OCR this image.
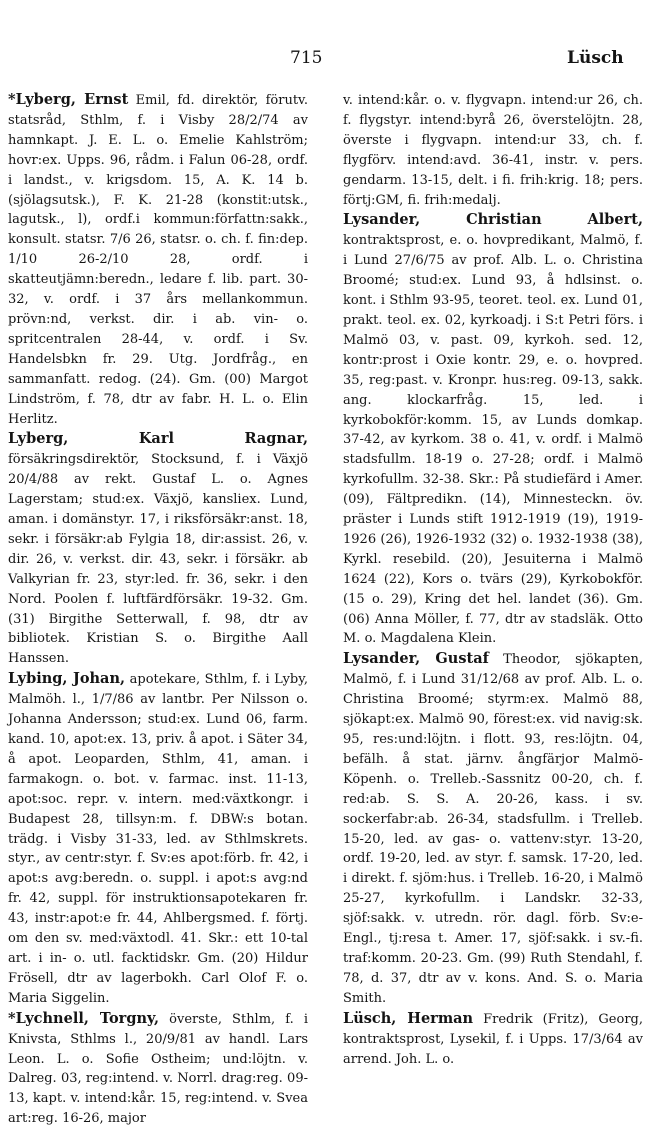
715	Lüsch

*Lyberg, Ernst Emil, fd. direktör, förutv. statsråd, Sthlm, f. i Visby 28/2/74 av hamnkapt. J. E. L. o. Emelie Kahlström; hovr:ex. Upps. 96, rådm. i Falun 06-28, ordf. i landst., v. krigsdom. 15, A. K. 14 b. (sjölagsutsk.), F. K. 21-28 (konstit:utsk., lagutsk., l), ordf.i kommun:författn:sakk., konsult. statsr. 7/6 26, statsr. o. ch. f. fin:dep. 1/10 26-2/10 28, ordf. i skatteutjämn:beredn., ledare f. lib. part. 30-32, v. ordf. i 37 års mellankommun. prövn:nd, verkst. dir. i ab. vin- o. spritcentralen 28-44, v. ordf. i Sv. Handelsbkn fr. 29. Utg. Jordfråg., en sammanfatt. redog. (24). Gm. (00) Margot Lindström, f. 78, dtr av fabr. H. L. o. Elin Herlitz.

Lyberg, Karl Ragnar, försäkringsdirektör, Stocksund, f. i Växjö 20/4/88 av rekt. Gustaf L. o. Agnes Lagerstam; stud:ex. Växjö, kansliex. Lund, aman. i domänstyr. 17, i riksförsäkr:anst. 18, sekr. i försäkr:ab Fylgia 18, dir:assist. 26, v. dir. 26, v. verkst. dir. 43, sekr. i försäkr. ab Valkyrian fr. 23, styr:led. fr. 36, sekr. i den Nord. Poolen f. luftfärdförsäkr. 19-32. Gm. (31) Birgithe Setterwall, f. 98, dtr av bibliotek. Kristian S. o. Birgithe Aall Hanssen.

Lybing, Johan, apotekare, Sthlm, f. i Lyby, Malmöh. l., 1/7/86 av lantbr. Per Nilsson o. Johanna Andersson; stud:ex. Lund 06, farm. kand. 10, apot:ex. 13, priv. å apot. i Säter 34, å apot. Leoparden, Sthlm, 41, aman. i farmakogn. o. bot. v. farmac. inst. 11-13, apot:soc. repr. v. intern. med:växtkongr. i Budapest 28, tillsyn:m. f. DBW:s botan. trädg. i Visby 31-33, led. av Sthlmskrets. styr., av centr:styr. f. Sv:es apot:förb. fr. 42, i apot:s avg:beredn. o. suppl. i apot:s avg:nd fr. 42, suppl. för instruktionsapotekaren fr. 43, instr:apot:e fr. 44, Ahlbergsmed. f. förtj. om den sv. med:växtodl. 41. Skr.: ett 10-tal art. i in- o. utl. facktidskr. Gm. (20) Hildur Frösell, dtr av lagerbokh. Carl Olof F. o. Maria Siggelin.

*Lychnell, Torgny, överste, Sthlm, f. i Knivsta, Sthlms l., 20/9/81 av handl. Lars Leon. L. o. Sofie Ostheim; und:löjtn. v. Dalreg. 03, reg:intend. v. Norrl. drag:reg. 09-13, kapt. v. intend:kår. 15, reg:intend. v. Svea art:reg. 16-26, major

v. intend:kår. o. v. flygvapn. intend:ur 26, ch. f. flygstyr. intend:byrå 26, överstelöjtn. 28, överste i flygvapn. intend:ur 33, ch. f. flygförv. intend:avd. 36-41, instr. v. pers. gendarm. 13-15, delt. i fi. frih:krig. 18; pers. förtj:GM, fi. frih:medalj.

Lysander, Christian Albert, kontraktsprost, e. o. hovpredikant, Malmö, f. i Lund 27/6/75 av prof. Alb. L. o. Christina Broomé; stud:ex. Lund 93, å hdlsinst. o. kont. i Sthlm 93-95, teoret. teol. ex. Lund 01, prakt. teol. ex. 02, kyrkoadj. i S:t Petri förs. i Malmö 03, v. past. 09, kyrkoh. sed. 12, kontr:prost i Oxie kontr. 29, e. o. hovpred. 35, reg:past. v. Kronpr. hus:reg. 09-13, sakk. ang. klockarfråg. 15, led. i kyrkobokför:komm. 15, av Lunds domkap. 37-42, av kyrkom. 38 o. 41, v. ordf. i Malmö stadsfullm. 18-19 o. 27-28; ordf. i Malmö kyrkofullm. 32-38. Skr.: På studiefärd i Amer. (09), Fältpredikn. (14), Minnesteckn. öv. präster i Lunds stift 1912-1919 (19), 1919-1926 (26), 1926-1932 (32) o. 1932-1938 (38), Kyrkl. resebild. (20), Jesuiterna i Malmö 1624 (22), Kors o. tvärs (29), Kyrkobokför. (15 o. 29), Kring det hel. landet (36). Gm. (06) Anna Möller, f. 77, dtr av stadsläk. Otto M. o. Magdalena Klein.

Lysander, Gustaf Theodor, sjökapten, Malmö, f. i Lund 31/12/68 av prof. Alb. L. o. Christina Broomé; styrm:ex. Malmö 88, sjökapt:ex. Malmö 90, förest:ex. vid navig:sk. 95, res:und:löjtn. i flott. 93, res:löjtn. 04, befälh. å stat. järnv. ångfärjor Malmö-Köpenh. o. Trelleb.-Sassnitz 00-20, ch. f. red:ab. S. S. A. 20-26, kass. i sv. sockerfabr:ab. 26-34, stadsfullm. i Trelleb. 15-20, led. av gas- o. vattenv:styr. 13-20, ordf. 19-20, led. av styr. f. samsk. 17-20, led. i direkt. f. sjöm:hus. i Trelleb. 16-20, i Malmö 25-27, kyrkofullm. i Landskr. 32-33, sjöf:sakk. v. utredn. rör. dagl. förb. Sv:e-Engl., tj:resa t. Amer. 17, sjöf:sakk. i sv.-fi. traf:komm. 20-23. Gm. (99) Ruth Stendahl, f. 78, d. 37, dtr av v. kons. And. S. o. Maria Smith.

Lüsch, Herman Fredrik (Fritz), Georg, kontraktsprost, Lysekil, f. i Upps. 17/3/64 av arrend. Joh. L. o.
